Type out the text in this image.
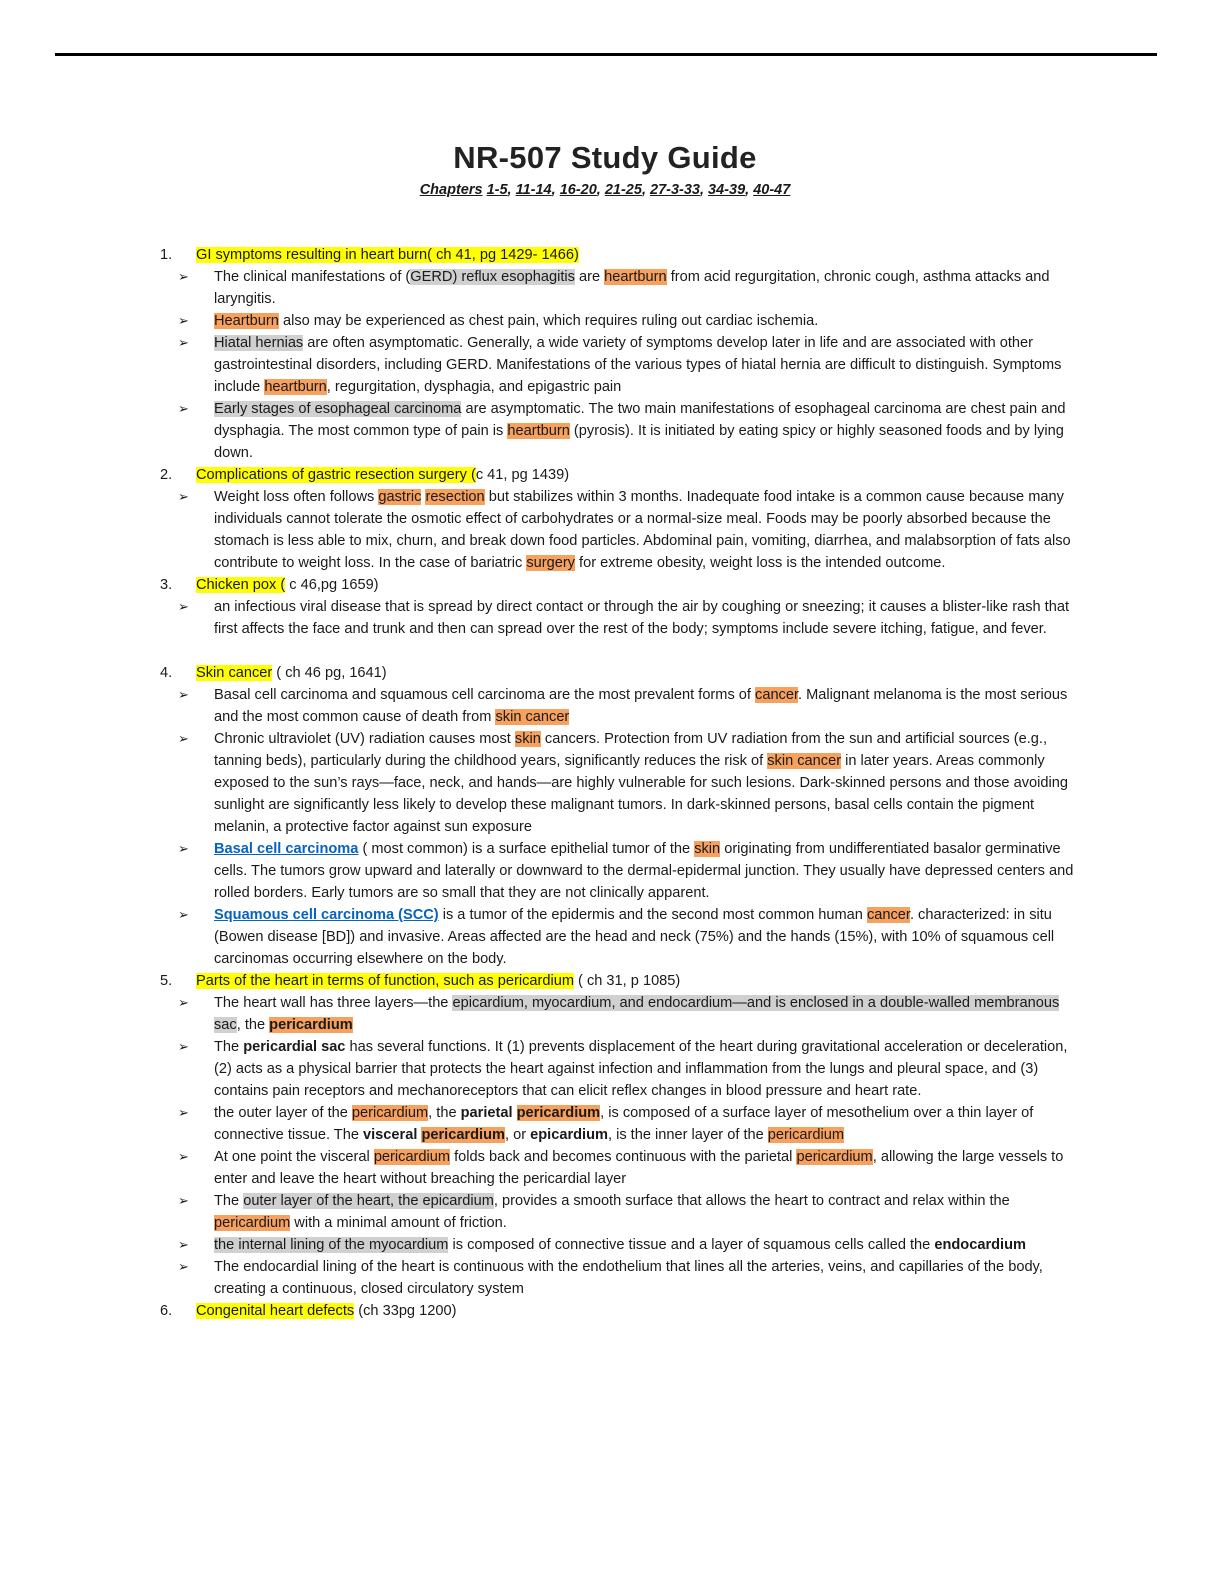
NR-507 Study Guide
Chapters 1-5, 11-14, 16-20, 21-25, 27-3-33, 34-39, 40-47
1. GI symptoms resulting in heart burn( ch 41, pg 1429- 1466)
➢ The clinical manifestations of (GERD) reflux esophagitis are heartburn from acid regurgitation, chronic cough, asthma attacks and laryngitis.
➢ Heartburn also may be experienced as chest pain, which requires ruling out cardiac ischemia.
➢ Hiatal hernias are often asymptomatic. Generally, a wide variety of symptoms develop later in life and are associated with other gastrointestinal disorders, including GERD. Manifestations of the various types of hiatal hernia are difficult to distinguish. Symptoms include heartburn, regurgitation, dysphagia, and epigastric pain
➢ Early stages of esophageal carcinoma are asymptomatic. The two main manifestations of esophageal carcinoma are chest pain and dysphagia. The most common type of pain is heartburn (pyrosis). It is initiated by eating spicy or highly seasoned foods and by lying down.
2. Complications of gastric resection surgery (c 41, pg 1439)
➢ Weight loss often follows gastric resection but stabilizes within 3 months. Inadequate food intake is a common cause because many individuals cannot tolerate the osmotic effect of carbohydrates or a normal-size meal. Foods may be poorly absorbed because the stomach is less able to mix, churn, and break down food particles. Abdominal pain, vomiting, diarrhea, and malabsorption of fats also contribute to weight loss. In the case of bariatric surgery for extreme obesity, weight loss is the intended outcome.
3. Chicken pox ( c 46,pg 1659)
➢ an infectious viral disease that is spread by direct contact or through the air by coughing or sneezing; it causes a blister-like rash that first affects the face and trunk and then can spread over the rest of the body; symptoms include severe itching, fatigue, and fever.
4. Skin cancer ( ch 46 pg, 1641)
➢ Basal cell carcinoma and squamous cell carcinoma are the most prevalent forms of cancer. Malignant melanoma is the most serious and the most common cause of death from skin cancer
➢ Chronic ultraviolet (UV) radiation causes most skin cancers. Protection from UV radiation from the sun and artificial sources (e.g., tanning beds), particularly during the childhood years, significantly reduces the risk of skin cancer in later years. Areas commonly exposed to the sun’s rays—face, neck, and hands—are highly vulnerable for such lesions. Dark-skinned persons and those avoiding sunlight are significantly less likely to develop these malignant tumors. In dark-skinned persons, basal cells contain the pigment melanin, a protective factor against sun exposure
➢ Basal cell carcinoma ( most common) is a surface epithelial tumor of the skin originating from undifferentiated basalor germinative cells. The tumors grow upward and laterally or downward to the dermal-epidermal junction. They usually have depressed centers and rolled borders. Early tumors are so small that they are not clinically apparent.
➢ Squamous cell carcinoma (SCC) is a tumor of the epidermis and the second most common human cancer. characterized: in situ (Bowen disease [BD]) and invasive. Areas affected are the head and neck (75%) and the hands (15%), with 10% of squamous cell carcinomas occurring elsewhere on the body.
5. Parts of the heart in terms of function, such as pericardium ( ch 31, p 1085)
➢ The heart wall has three layers—the epicardium, myocardium, and endocardium—and is enclosed in a double-walled membranous sac, the pericardium
➢ The pericardial sac has several functions. It (1) prevents displacement of the heart during gravitational acceleration or deceleration, (2) acts as a physical barrier that protects the heart against infection and inflammation from the lungs and pleural space, and (3) contains pain receptors and mechanoreceptors that can elicit reflex changes in blood pressure and heart rate.
➢ the outer layer of the pericardium, the parietal pericardium, is composed of a surface layer of mesothelium over a thin layer of connective tissue. The visceral pericardium, or epicardium, is the inner layer of the pericardium
➢ At one point the visceral pericardium folds back and becomes continuous with the parietal pericardium, allowing the large vessels to enter and leave the heart without breaching the pericardial layer
➢ The outer layer of the heart, the epicardium, provides a smooth surface that allows the heart to contract and relax within the pericardium with a minimal amount of friction.
➢ the internal lining of the myocardium is composed of connective tissue and a layer of squamous cells called the endocardium
➢ The endocardial lining of the heart is continuous with the endothelium that lines all the arteries, veins, and capillaries of the body, creating a continuous, closed circulatory system
6. Congenital heart defects (ch 33pg 1200)
